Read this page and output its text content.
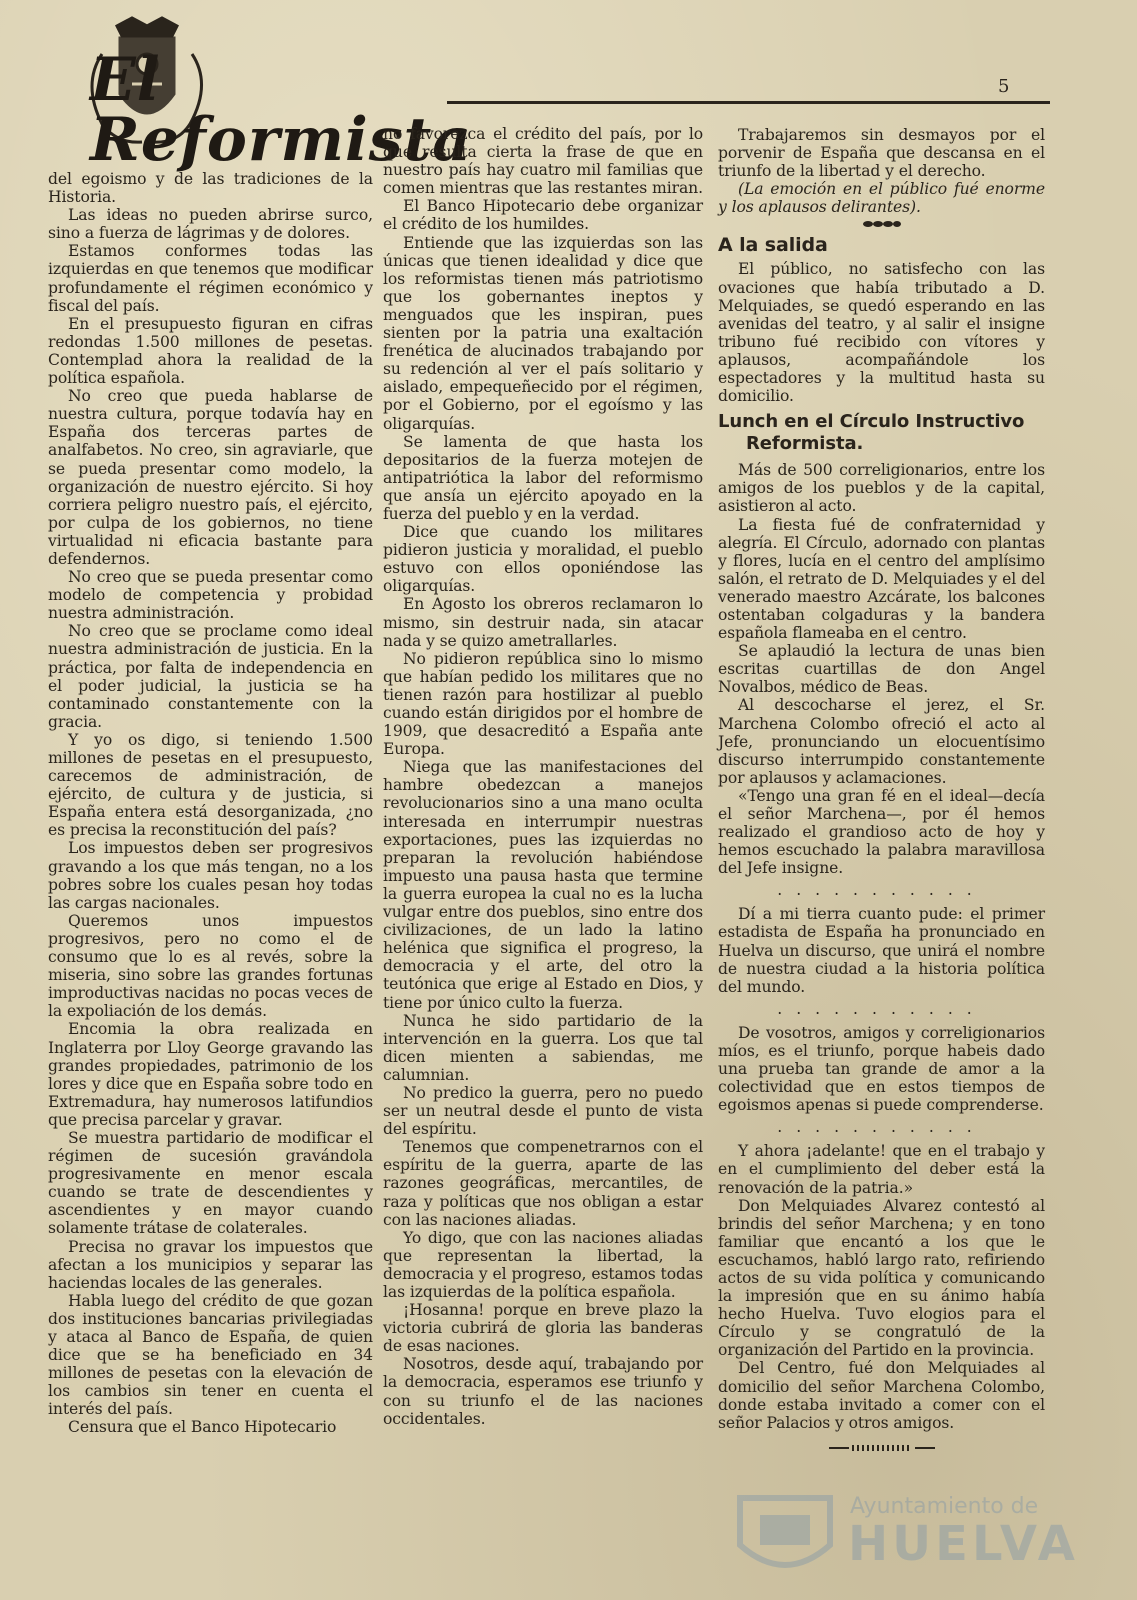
El Reformista
5

del egoismo y de las tradiciones de la Historia.

Las ideas no pueden abrirse surco, sino a fuerza de lágrimas y de dolores.

Estamos conformes todas las izquierdas en que tenemos que modificar profundamente el régimen económico y fiscal del país.

En el presupuesto figuran en cifras redondas 1.500 millones de pesetas. Contemplad ahora la realidad de la política española.

No creo que pueda hablarse de nuestra cultura, porque todavía hay en España dos terceras partes de analfabetos. No creo, sin agraviarle, que se pueda presentar como modelo, la organización de nuestro ejército. Si hoy corriera peligro nuestro país, el ejército, por culpa de los gobiernos, no tiene virtualidad ni eficacia bastante para defendernos.

No creo que se pueda presentar como modelo de competencia y probidad nuestra administración.

No creo que se proclame como ideal nuestra administración de justicia. En la práctica, por falta de independencia en el poder judicial, la justicia se ha contaminado constantemente con la gracia.

Y yo os digo, si teniendo 1.500 millones de pesetas en el presupuesto, carecemos de administración, de ejército, de cultura y de justicia, si España entera está desorganizada, ¿no es precisa la reconstitución del país?

Los impuestos deben ser progresivos gravando a los que más tengan, no a los pobres sobre los cuales pesan hoy todas las cargas nacionales.

Queremos unos impuestos progresivos, pero no como el de consumo que lo es al revés, sobre la miseria, sino sobre las grandes fortunas improductivas nacidas no pocas veces de la expoliación de los demás.

Encomia la obra realizada en Inglaterra por Lloy George gravando las grandes propiedades, patrimonio de los lores y dice que en España sobre todo en Extremadura, hay numerosos latifundios que precisa parcelar y gravar.

Se muestra partidario de modificar el régimen de sucesión gravándola progresivamente en menor escala cuando se trate de descendientes y ascendientes y en mayor cuando solamente trátase de colaterales.

Precisa no gravar los impuestos que afectan a los municipios y separar las haciendas locales de las generales.

Habla luego del crédito de que gozan dos instituciones bancarias privilegiadas y ataca al Banco de España, de quien dice que se ha beneficiado en 34 millones de pesetas con la elevación de los cambios sin tener en cuenta el interés del país.

Censura que el Banco Hipotecario

no favorezca el crédito del país, por lo que resulta cierta la frase de que en nuestro país hay cuatro mil familias que comen mientras que las restantes miran.

El Banco Hipotecario debe organizar el crédito de los humildes.

Entiende que las izquierdas son las únicas que tienen idealidad y dice que los reformistas tienen más patriotismo que los gobernantes ineptos y menguados que les inspiran, pues sienten por la patria una exaltación frenética de alucinados trabajando por su redención al ver el país solitario y aislado, empequeñecido por el régimen, por el Gobierno, por el egoísmo y las oligarquías.

Se lamenta de que hasta los depositarios de la fuerza motejen de antipatriótica la labor del reformismo que ansía un ejército apoyado en la fuerza del pueblo y en la verdad.

Dice que cuando los militares pidieron justicia y moralidad, el pueblo estuvo con ellos oponiéndose las oligarquías.

En Agosto los obreros reclamaron lo mismo, sin destruir nada, sin atacar nada y se quizo ametrallarles.

No pidieron república sino lo mismo que habían pedido los militares que no tienen razón para hostilizar al pueblo cuando están dirigidos por el hombre de 1909, que desacreditó a España ante Europa.

Niega que las manifestaciones del hambre obedezcan a manejos revolucionarios sino a una mano oculta interesada en interrumpir nuestras exportaciones, pues las izquierdas no preparan la revolución habiéndose impuesto una pausa hasta que termine la guerra europea la cual no es la lucha vulgar entre dos pueblos, sino entre dos civilizaciones, de un lado la latino helénica que significa el progreso, la democracia y el arte, del otro la teutónica que erige al Estado en Dios, y tiene por único culto la fuerza.

Nunca he sido partidario de la intervención en la guerra. Los que tal dicen mienten a sabiendas, me calumnian.

No predico la guerra, pero no puedo ser un neutral desde el punto de vista del espíritu.

Tenemos que compenetrarnos con el espíritu de la guerra, aparte de las razones geográficas, mercantiles, de raza y políticas que nos obligan a estar con las naciones aliadas.

Yo digo, que con las naciones aliadas que representan la libertad, la democracia y el progreso, estamos todas las izquierdas de la política española.

¡Hosanna! porque en breve plazo la victoria cubrirá de gloria las banderas de esas naciones.

Nosotros, desde aquí, trabajando por la democracia, esperamos ese triunfo y con su triunfo el de las naciones occidentales.

Trabajaremos sin desmayos por el porvenir de España que descansa en el triunfo de la libertad y el derecho.

(La emoción en el público fué enorme y los aplausos delirantes).

A la salida

El público, no satisfecho con las ovaciones que había tributado a D. Melquiades, se quedó esperando en las avenidas del teatro, y al salir el insigne tribuno fué recibido con vítores y aplausos, acompañándole los espectadores y la multitud hasta su domicilio.

Lunch en el Círculo Instructivo
Reformista.

Más de 500 correligionarios, entre los amigos de los pueblos y de la capital, asistieron al acto.

La fiesta fué de confraternidad y alegría. El Círculo, adornado con plantas y flores, lucía en el centro del amplísimo salón, el retrato de D. Melquiades y el del venerado maestro Azcárate, los balcones ostentaban colgaduras y la bandera española flameaba en el centro.

Se aplaudió la lectura de unas bien escritas cuartillas de don Angel Novalbos, médico de Beas.

Al descocharse el jerez, el Sr. Marchena Colombo ofreció el acto al Jefe, pronunciando un elocuentísimo discurso interrumpido constantemente por aplausos y aclamaciones.

«Tengo una gran fé en el ideal—decía el señor Marchena—, por él hemos realizado el grandioso acto de hoy y hemos escuchado la palabra maravillosa del Jefe insigne.

...........

Dí a mi tierra cuanto pude: el primer estadista de España ha pronunciado en Huelva un discurso, que unirá el nombre de nuestra ciudad a la historia política del mundo.

...........

De vosotros, amigos y correligionarios míos, es el triunfo, porque habeis dado una prueba tan grande de amor a la colectividad que en estos tiempos de egoismos apenas si puede comprenderse.

...........

Y ahora ¡adelante! que en el trabajo y en el cumplimiento del deber está la renovación de la patria.»

Don Melquiades Alvarez contestó al brindis del señor Marchena; y en tono familiar que encantó a los que le escuchamos, habló largo rato, refiriendo actos de su vida política y comunicando la impresión que en su ánimo había hecho Huelva. Tuvo elogios para el Círculo y se congratuló de la organización del Partido en la provincia.

Del Centro, fué don Melquiades al domicilio del señor Marchena Colombo, donde estaba invitado a comer con el señor Palacios y otros amigos.

Ayuntamiento de
HUELVA
